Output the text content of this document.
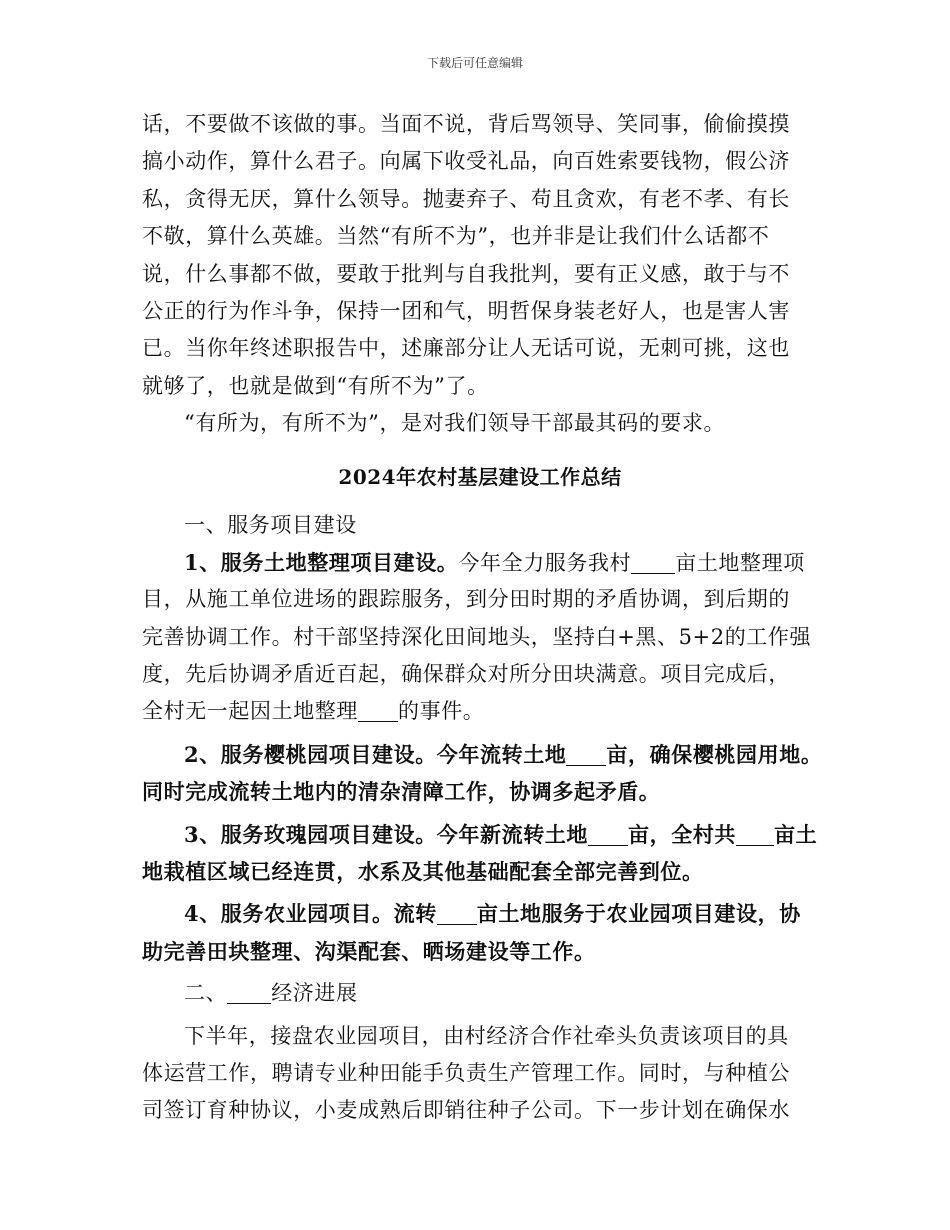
下载后可任意编辑
话，不要做不该做的事。当面不说，背后骂领导、笑同事，偷偷摸摸
搞小动作，算什么君子。向属下收受礼品，向百姓索要钱物，假公济
私，贪得无厌，算什么领导。抛妻弃子、苟且贪欢，有老不孝、有长
不敬，算什么英雄。当然“有所不为”，也并非是让我们什么话都不
说，什么事都不做，要敢于批判与自我批判，要有正义感，敢于与不
公正的行为作斗争，保持一团和气，明哲保身装老好人，也是害人害
已。当你年终述职报告中，述廉部分让人无话可说，无刺可挑，这也
就够了，也就是做到“有所不为”了。
“有所为，有所不为”，是对我们领导干部最其码的要求。
2024年农村基层建设工作总结
一、服务项目建设
1、服务土地整理项目建设。今年全力服务我村 亩土地整理项
目，从施工单位进场的跟踪服务，到分田时期的矛盾协调，到后期的
完善协调工作。村干部坚持深化田间地头，坚持白+黑、5+2的工作强
度，先后协调矛盾近百起，确保群众对所分田块满意。项目完成后，
全村无一起因土地整理 的事件。
2、服务樱桃园项目建设。今年流转土地 亩，确保樱桃园用地。
同时完成流转土地内的清杂清障工作，协调多起矛盾。
3、服务玫瑰园项目建设。今年新流转土地 亩，全村共 亩土
地栽植区域已经连贯，水系及其他基础配套全部完善到位。
4、服务农业园项目。流转 亩土地服务于农业园项目建设，协
助完善田块整理、沟渠配套、晒场建设等工作。
二、 经济进展
下半年，接盘农业园项目，由村经济合作社牵头负责该项目的具
体运营工作，聘请专业种田能手负责生产管理工作。同时，与种植公
司签订育种协议，小麦成熟后即销往种子公司。下一步计划在确保水
